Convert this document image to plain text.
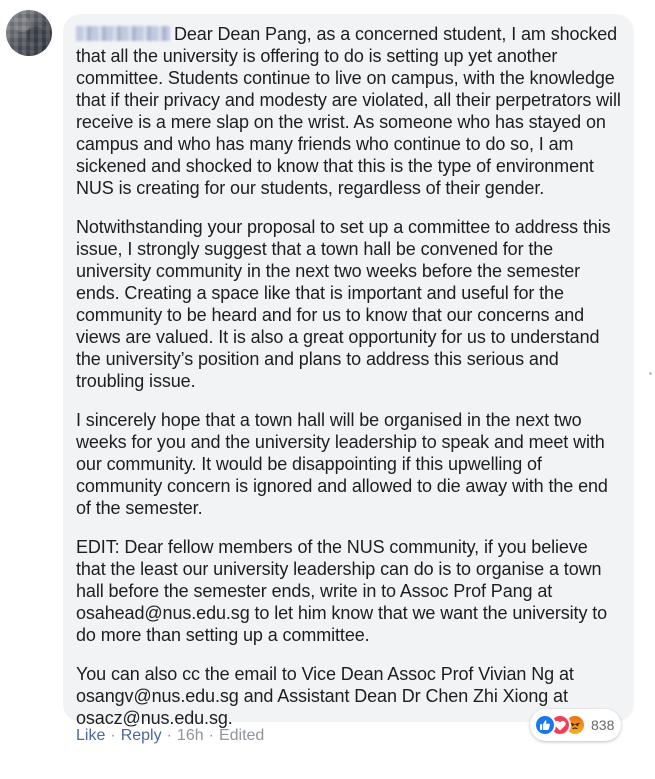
Dear Dean Pang, as a concerned student, I am shocked that all the university is offering to do is setting up yet another committee. Students continue to live on campus, with the knowledge that if their privacy and modesty are violated, all their perpetrators will receive is a mere slap on the wrist. As someone who has stayed on campus and who has many friends who continue to do so, I am sickened and shocked to know that this is the type of environment NUS is creating for our students, regardless of their gender.

Notwithstanding your proposal to set up a committee to address this issue, I strongly suggest that a town hall be convened for the university community in the next two weeks before the semester ends. Creating a space like that is important and useful for the community to be heard and for us to know that our concerns and views are valued. It is also a great opportunity for us to understand the university’s position and plans to address this serious and troubling issue.

I sincerely hope that a town hall will be organised in the next two weeks for you and the university leadership to speak and meet with our community. It would be disappointing if this upwelling of community concern is ignored and allowed to die away with the end of the semester.

EDIT: Dear fellow members of the NUS community, if you believe that the least our university leadership can do is to organise a town hall before the semester ends, write in to Assoc Prof Pang at osahead@nus.edu.sg to let him know that we want the university to do more than setting up a committee.

You can also cc the email to Vice Dean Assoc Prof Vivian Ng at osangv@nus.edu.sg and Assistant Dean Dr Chen Zhi Xiong at osacz@nus.edu.sg.	838
Like · Reply · 16h · Edited
